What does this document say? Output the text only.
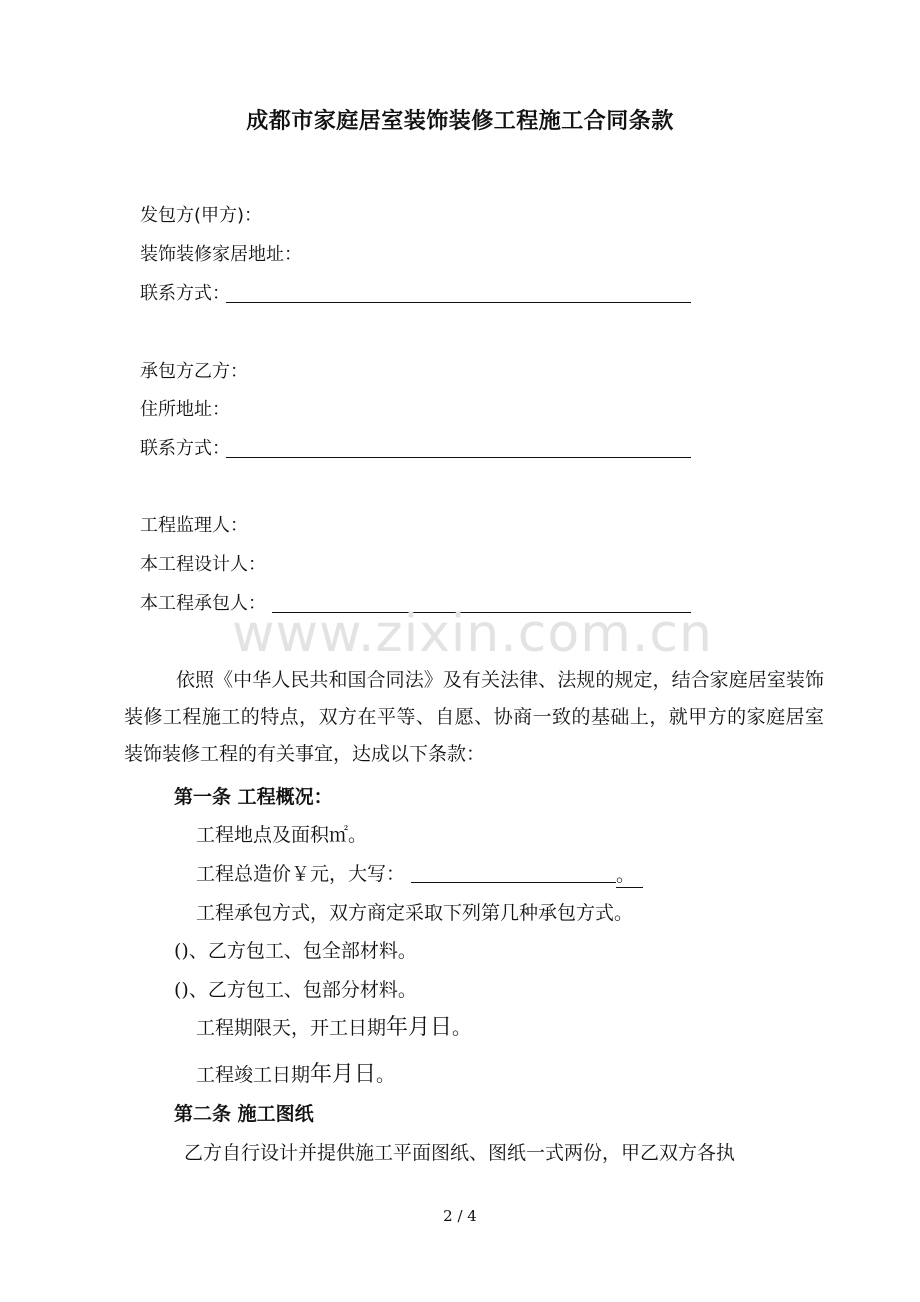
成都市家庭居室装饰装修工程施工合同条款
发包方(甲方)：
装饰装修家居地址：
联系方式：
承包方乙方：
住所地址：
联系方式：
工程监理人：
本工程设计人：
本工程承包人：
www.zixin.com.cn
依照《中华人民共和国合同法》及有关法律、法规的规定，结合家庭居室装饰装修工程施工的特点，双方在平等、自愿、协商一致的基础上，就甲方的家庭居室装饰装修工程的有关事宜，达成以下条款：
第一条 工程概况：
工程地点及面积㎡。
工程总造价￥元，大写：	。
工程承包方式，双方商定采取下列第几种承包方式。
()、乙方包工、包全部材料。
()、乙方包工、包部分材料。
工程期限天，开工日期年月日。
工程竣工日期年月日。
第二条 施工图纸
乙方自行设计并提供施工平面图纸、图纸一式两份，甲乙双方各执
2 / 4
